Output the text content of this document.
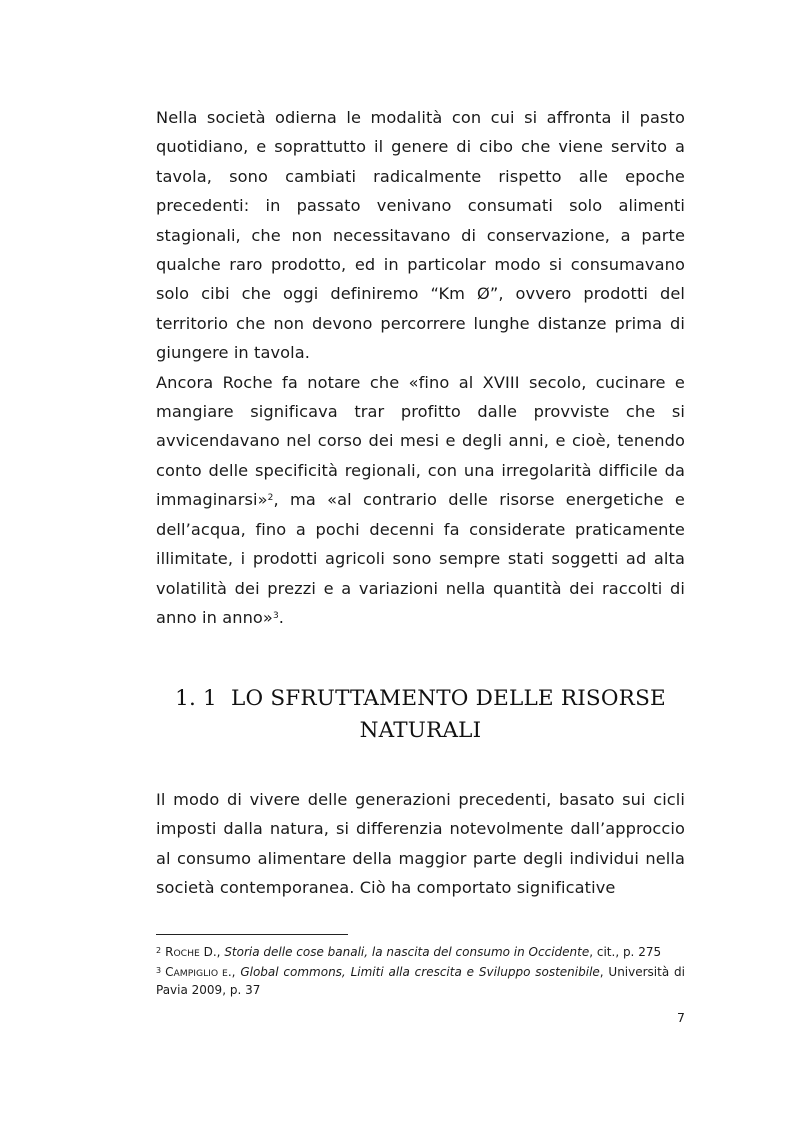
Nella società odierna le modalità con cui si affronta il pasto quotidiano, e soprattutto il genere di cibo che viene servito a tavola, sono cambiati radicalmente rispetto alle epoche precedenti: in passato venivano consumati solo alimenti stagionali, che non necessitavano di conservazione, a parte qualche raro prodotto, ed in particolar modo si consumavano solo cibi che oggi definiremo “Km Ø”, ovvero prodotti del territorio che non devono percorrere lunghe distanze prima di giungere in tavola.

Ancora Roche fa notare che «fino al XVIII secolo, cucinare e mangiare significava trar profitto dalle provviste che si avvicendavano nel corso dei mesi e degli anni, e cioè, tenendo conto delle specificità regionali, con una irregolarità difficile da immaginarsi»$^2$, ma «al contrario delle risorse energetiche e dell’acqua, fino a pochi decenni fa considerate praticamente illimitate, i prodotti agricoli sono sempre stati soggetti ad alta volatilità dei prezzi e a variazioni nella quantità dei raccolti di anno in anno»$^3$.

1. 1 LO SFRUTTAMENTO DELLE RISORSE NATURALI

Il modo di vivere delle generazioni precedenti, basato sui cicli imposti dalla natura, si differenzia notevolmente dall’approccio al consumo alimentare della maggior parte degli individui nella società contemporanea. Ciò ha comportato significative

$^2$ ROCHE D., Storia delle cose banali, la nascita del consumo in Occidente, cit., p. 275

$^3$ CAMPIGLIO E., Global commons, Limiti alla crescita e Sviluppo sostenibile, Università di Pavia 2009, p. 37

7
